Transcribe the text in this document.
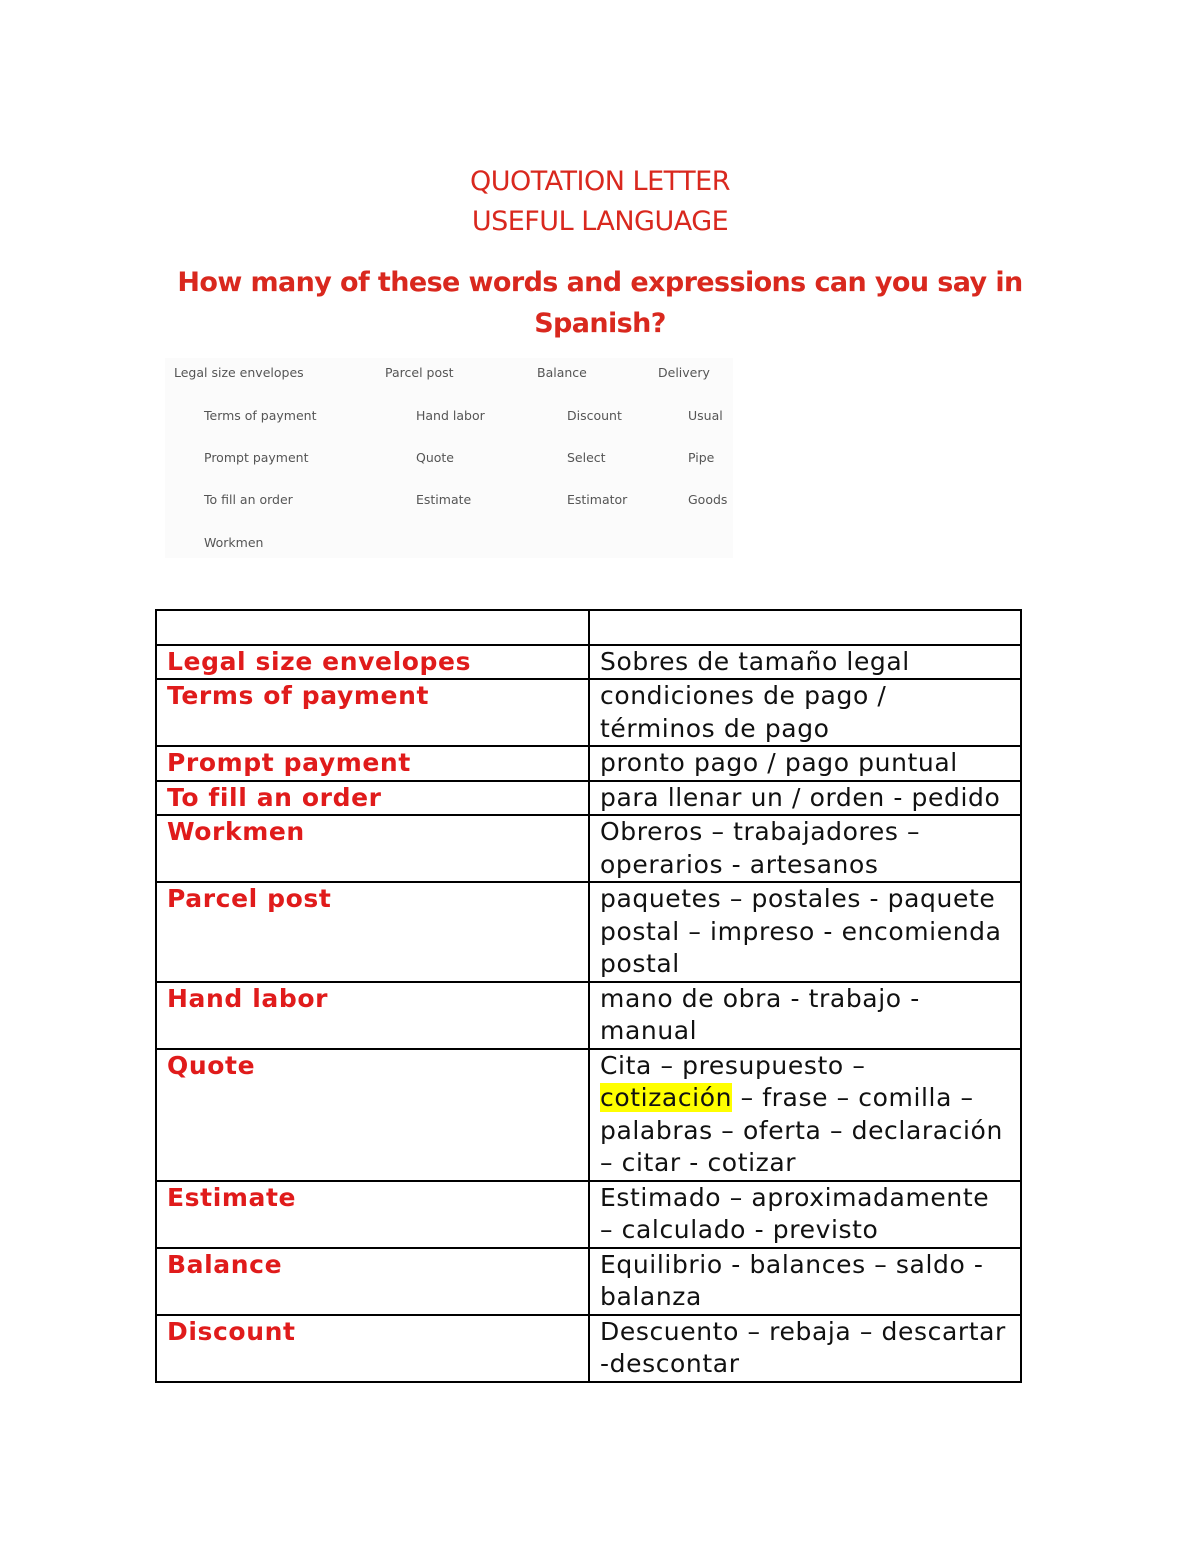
QUOTATION LETTER
USEFUL LANGUAGE
How many of these words and expressions can you say in
Spanish?
Legal size envelopes	Parcel post	Balance	Delivery
Terms of payment	Hand labor	Discount	Usual
Prompt payment	Quote	Select	Pipe
To fill an order	Estimate	Estimator	Goods
Workmen

Legal size envelopes	Sobres de tamaño legal
Terms of payment	condiciones de pago / términos de pago
Prompt payment	pronto pago / pago puntual
To fill an order	para llenar un / orden - pedido
Workmen	Obreros – trabajadores – operarios - artesanos
Parcel post	paquetes – postales - paquete postal – impreso - encomienda postal
Hand labor	mano de obra - trabajo - manual
Quote	Cita – presupuesto –
cotización – frase – comilla – palabras – oferta – declaración – citar - cotizar
Estimate	Estimado – aproximadamente – calculado - previsto
Balance	Equilibrio - balances – saldo -balanza
Discount	Descuento – rebaja – descartar -descontar
